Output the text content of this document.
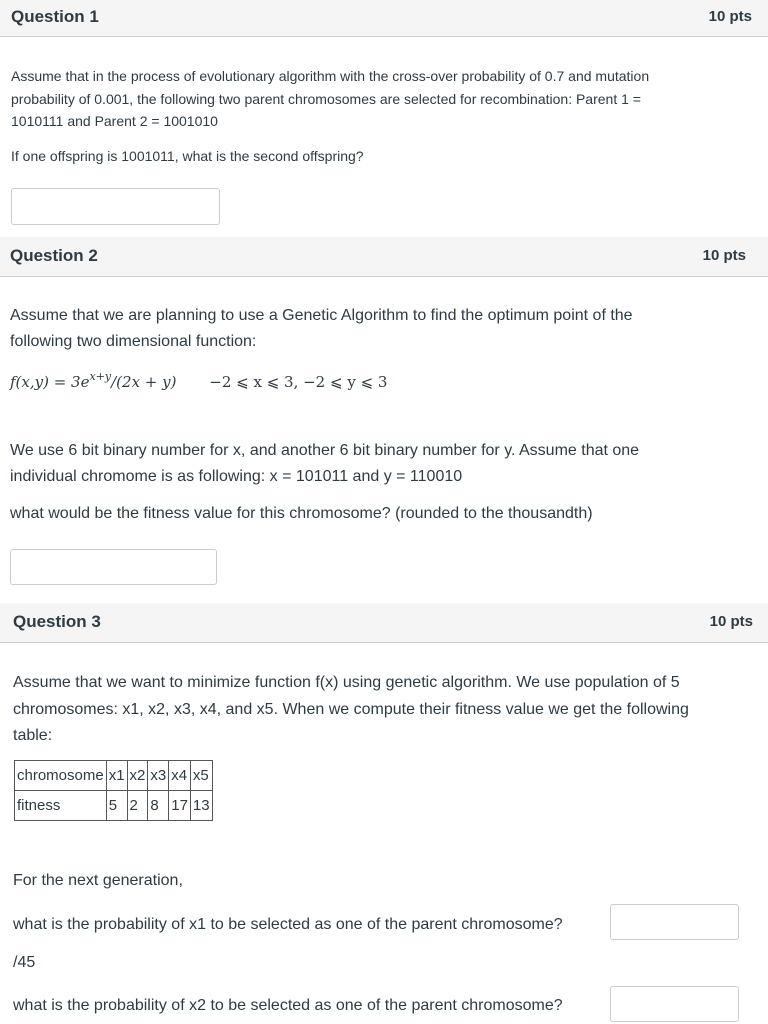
Question 1	10 pts
Assume that in the process of evolutionary algorithm with the cross-over probability of 0.7 and mutation
probability of 0.001, the following two parent chromosomes are selected for recombination: Parent 1 =
1010111 and Parent 2 = 1001010
If one offspring is 1001011, what is the second offspring?
Question 2	10 pts
Assume that we are planning to use a Genetic Algorithm to find the optimum point of the
following two dimensional function:
$f(x,y) = 3e^{x+y}/(2x + y) -2$ ⩽ x ⩽ 3, −2 ⩽ y ⩽ 3
We use 6 bit binary number for x, and another 6 bit binary number for y. Assume that one
individual chromome is as following: x = 101011 and y = 110010
what would be the fitness value for this chromosome? (rounded to the thousandth)
Question 3	10 pts
Assume that we want to minimize function f(x) using genetic algorithm. We use population of 5
chromosomes: x1, x2, x3, x4, and x5. When we compute their fitness value we get the following
table:
chromosome	x1	x2	x3	x4	x5
fitness	5	2	8	17	13
For the next generation,
what is the probability of x1 to be selected as one of the parent chromosome?
/45
what is the probability of x2 to be selected as one of the parent chromosome?
